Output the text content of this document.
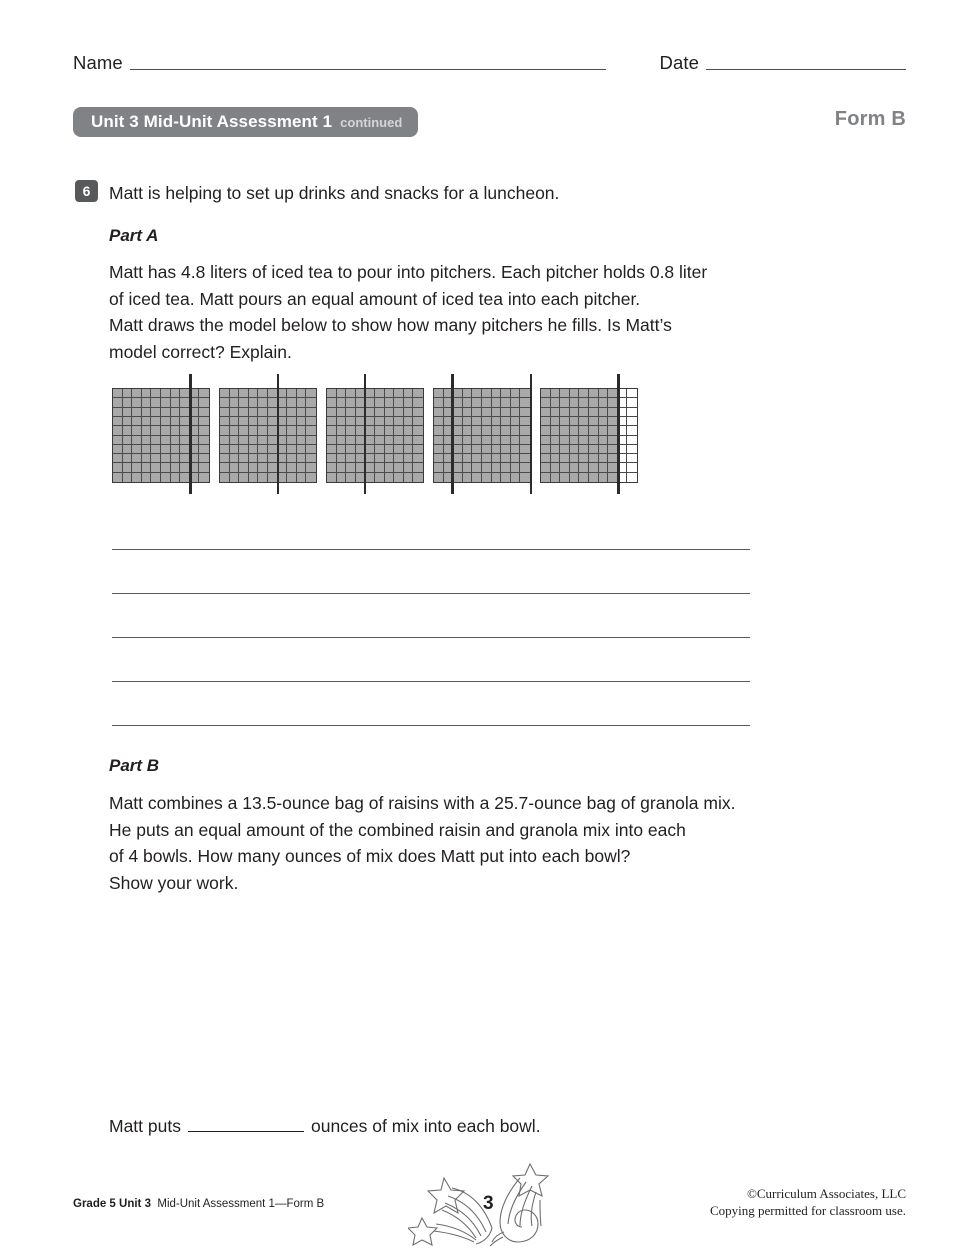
Name	Date
Unit 3 Mid-Unit Assessment 1 continued	Form B
6	Matt is helping to set up drinks and snacks for a luncheon.
Part A

Matt has 4.8 liters of iced tea to pour into pitchers. Each pitcher holds 0.8 liter

of iced tea. Matt pours an equal amount of iced tea into each pitcher.

Matt draws the model below to show how many pitchers he fills. Is Matt’s

model correct? Explain.

Part B

Matt combines a 13.5-ounce bag of raisins with a 25.7-ounce bag of granola mix.

He puts an equal amount of the combined raisin and granola mix into each

of 4 bowls. How many ounces of mix does Matt put into each bowl?

Show your work.

Matt puts	ounces of mix into each bowl.
Grade 5 Unit 3 Mid-Unit Assessment 1—Form B	3	©Curriculum Associates, LLC
Copying permitted for classroom use.
